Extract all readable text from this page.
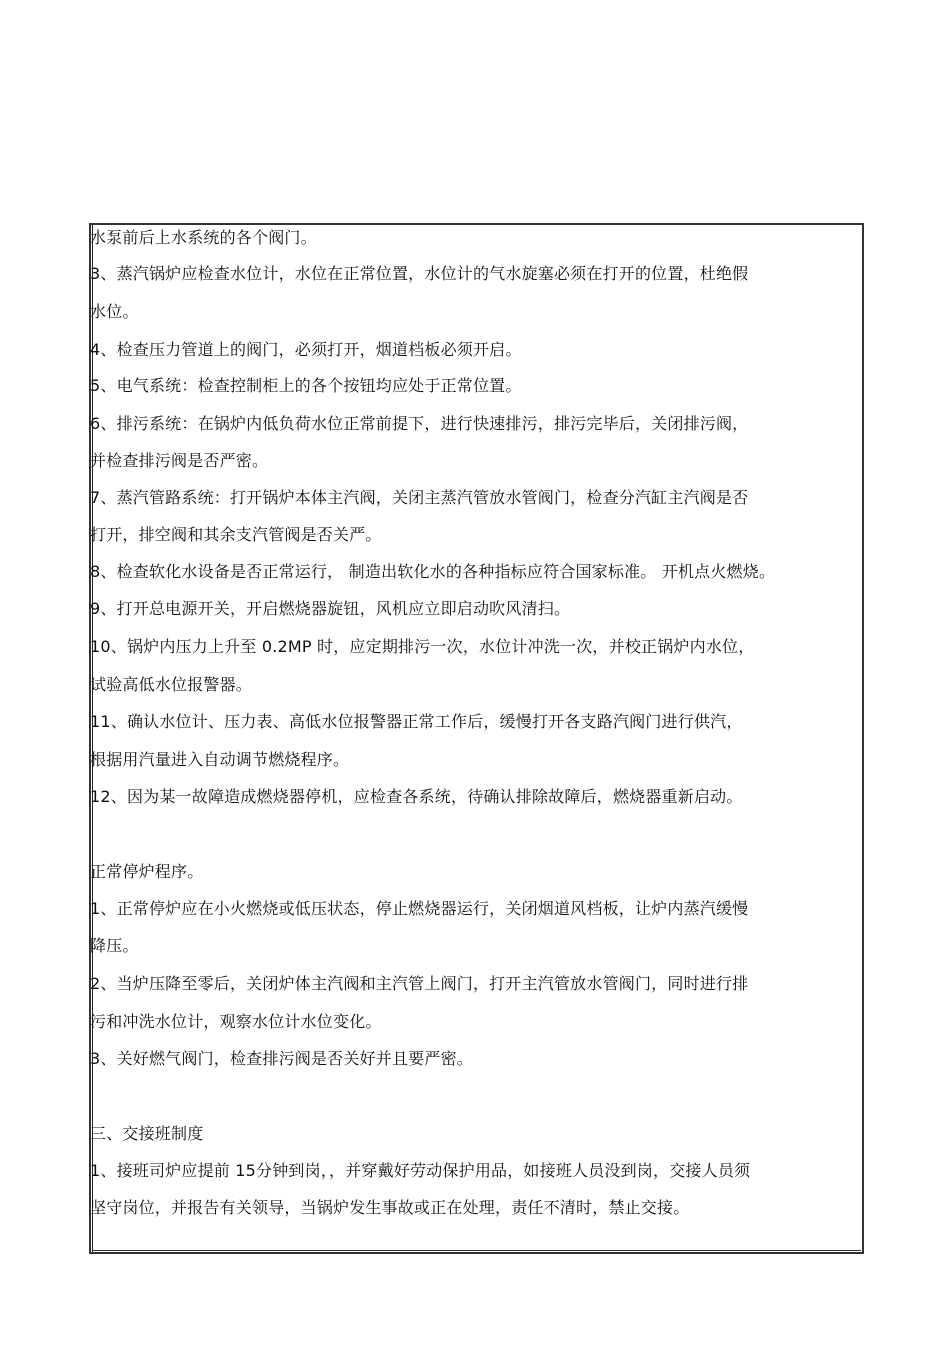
水泵前后上水系统的各个阀门。
3、蒸汽锅炉应检查水位计，水位在正常位置，水位计的气水旋塞必须在打开的位置，杜绝假
水位。
4、检查压力管道上的阀门，必须打开，烟道档板必须开启。
5、电气系统：检查控制柜上的各个按钮均应处于正常位置。
6、排污系统：在锅炉内低负荷水位正常前提下，进行快速排污，排污完毕后，关闭排污阀，
并检查排污阀是否严密。
7、蒸汽管路系统：打开锅炉本体主汽阀，关闭主蒸汽管放水管阀门，检查分汽缸主汽阀是否
打开，排空阀和其余支汽管阀是否关严。
8、检查软化水设备是否正常运行， 制造出软化水的各种指标应符合国家标准。 开机点火燃烧。
9、打开总电源开关，开启燃烧器旋钮，风机应立即启动吹风清扫。
10、锅炉内压力上升至 0.2MP 时，应定期排污一次，水位计冲洗一次，并校正锅炉内水位，
试验高低水位报警器。
11、确认水位计、压力表、高低水位报警器正常工作后，缓慢打开各支路汽阀门进行供汽，
根据用汽量进入自动调节燃烧程序。
12、因为某一故障造成燃烧器停机，应检查各系统，待确认排除故障后，燃烧器重新启动。
正常停炉程序。
1、正常停炉应在小火燃烧或低压状态，停止燃烧器运行，关闭烟道风档板，让炉内蒸汽缓慢
降压。
2、当炉压降至零后，关闭炉体主汽阀和主汽管上阀门，打开主汽管放水管阀门，同时进行排
污和冲洗水位计，观察水位计水位变化。
3、关好燃气阀门，检查排污阀是否关好并且要严密。
三、交接班制度
1、接班司炉应提前 15分钟到岗，，并穿戴好劳动保护用品，如接班人员没到岗，交接人员须
坚守岗位，并报告有关领导，当锅炉发生事故或正在处理，责任不清时，禁止交接。
